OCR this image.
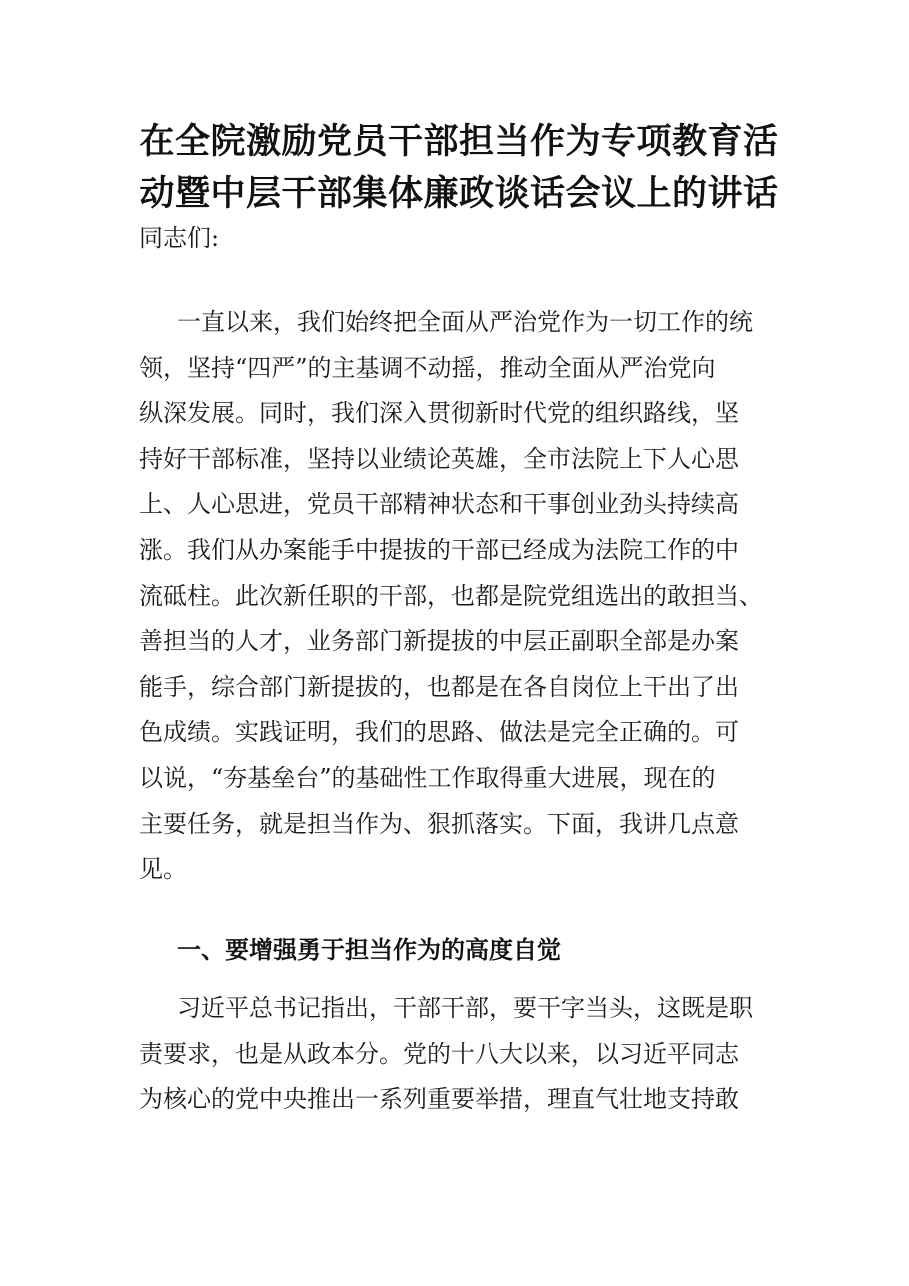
在全院激励党员干部担当作为专项教育活
动暨中层干部集体廉政谈话会议上的讲话

同志们:

一直以来，我们始终把全面从严治党作为一切工作的统
领，坚持“四严”的主基调不动摇，推动全面从严治党向
纵深发展。同时，我们深入贯彻新时代党的组织路线，坚
持好干部标准，坚持以业绩论英雄，全市法院上下人心思
上、人心思进，党员干部精神状态和干事创业劲头持续高
涨。我们从办案能手中提拔的干部已经成为法院工作的中
流砥柱。此次新任职的干部，也都是院党组选出的敢担当、
善担当的人才，业务部门新提拔的中层正副职全部是办案
能手，综合部门新提拔的，也都是在各自岗位上干出了出
色成绩。实践证明，我们的思路、做法是完全正确的。可
以说，“夯基垒台”的基础性工作取得重大进展，现在的
主要任务，就是担当作为、狠抓落实。下面，我讲几点意
见。
一、要增强勇于担当作为的高度自觉
习近平总书记指出，干部干部，要干字当头，这既是职
责要求，也是从政本分。党的十八大以来，以习近平同志
为核心的党中央推出一系列重要举措，理直气壮地支持敢
